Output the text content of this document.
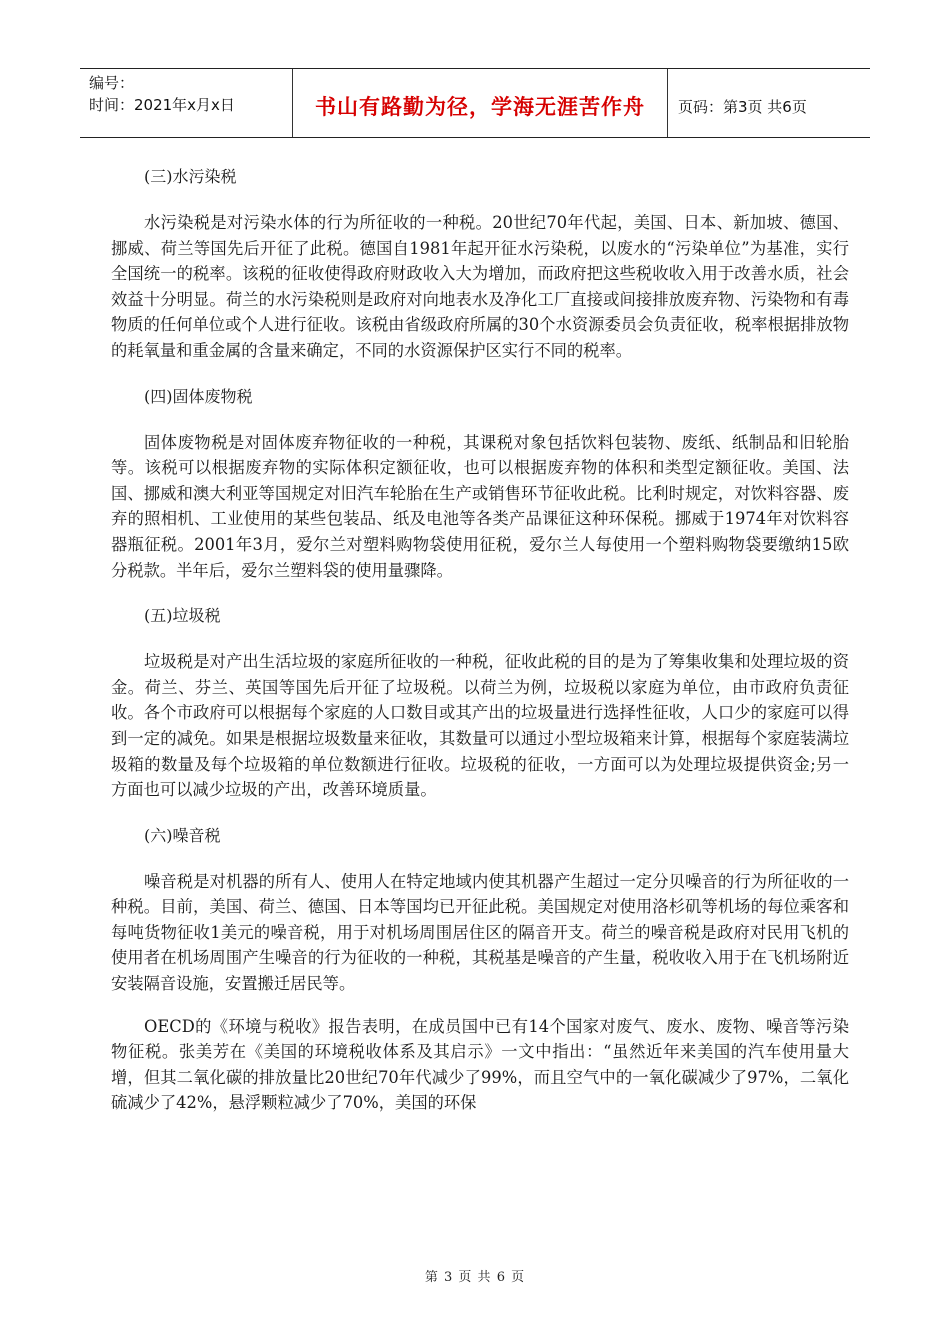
编号：
时间：2021年x月x日	书山有路勤为径，学海无涯苦作舟	页码：第3页 共6页
(三)水污染税

水污染税是对污染水体的行为所征收的一种税。20世纪70年代起，美国、日本、新加坡、德国、挪威、荷兰等国先后开征了此税。德国自1981年起开征水污染税，以废水的“污染单位”为基准，实行全国统一的税率。该税的征收使得政府财政收入大为增加，而政府把这些税收收入用于改善水质，社会效益十分明显。荷兰的水污染税则是政府对向地表水及净化工厂直接或间接排放废弃物、污染物和有毒物质的任何单位或个人进行征收。该税由省级政府所属的30个水资源委员会负责征收，税率根据排放物的耗氧量和重金属的含量来确定，不同的水资源保护区实行不同的税率。

(四)固体废物税

固体废物税是对固体废弃物征收的一种税，其课税对象包括饮料包装物、废纸、纸制品和旧轮胎等。该税可以根据废弃物的实际体积定额征收，也可以根据废弃物的体积和类型定额征收。美国、法国、挪威和澳大利亚等国规定对旧汽车轮胎在生产或销售环节征收此税。比利时规定，对饮料容器、废弃的照相机、工业使用的某些包装品、纸及电池等各类产品课征这种环保税。挪威于1974年对饮料容器瓶征税。2001年3月，爱尔兰对塑料购物袋使用征税，爱尔兰人每使用一个塑料购物袋要缴纳15欧分税款。半年后，爱尔兰塑料袋的使用量骤降。

(五)垃圾税

垃圾税是对产出生活垃圾的家庭所征收的一种税，征收此税的目的是为了筹集收集和处理垃圾的资金。荷兰、芬兰、英国等国先后开征了垃圾税。以荷兰为例，垃圾税以家庭为单位，由市政府负责征收。各个市政府可以根据每个家庭的人口数目或其产出的垃圾量进行选择性征收，人口少的家庭可以得到一定的减免。如果是根据垃圾数量来征收，其数量可以通过小型垃圾箱来计算，根据每个家庭装满垃圾箱的数量及每个垃圾箱的单位数额进行征收。垃圾税的征收，一方面可以为处理垃圾提供资金;另一方面也可以减少垃圾的产出，改善环境质量。

(六)噪音税

噪音税是对机器的所有人、使用人在特定地域内使其机器产生超过一定分贝噪音的行为所征收的一种税。目前，美国、荷兰、德国、日本等国均已开征此税。美国规定对使用洛杉矶等机场的每位乘客和每吨货物征收1美元的噪音税，用于对机场周围居住区的隔音开支。荷兰的噪音税是政府对民用飞机的使用者在机场周围产生噪音的行为征收的一种税，其税基是噪音的产生量，税收收入用于在飞机场附近安装隔音设施，安置搬迁居民等。

OECD的《环境与税收》报告表明，在成员国中已有14个国家对废气、废水、废物、噪音等污染物征税。张美芳在《美国的环境税收体系及其启示》一文中指出：“虽然近年来美国的汽车使用量大增，但其二氧化碳的排放量比20世纪70年代减少了99%，而且空气中的一氧化碳减少了97%，二氧化硫减少了42%，悬浮颗粒减少了70%，美国的环保

第 3 页 共 6 页
